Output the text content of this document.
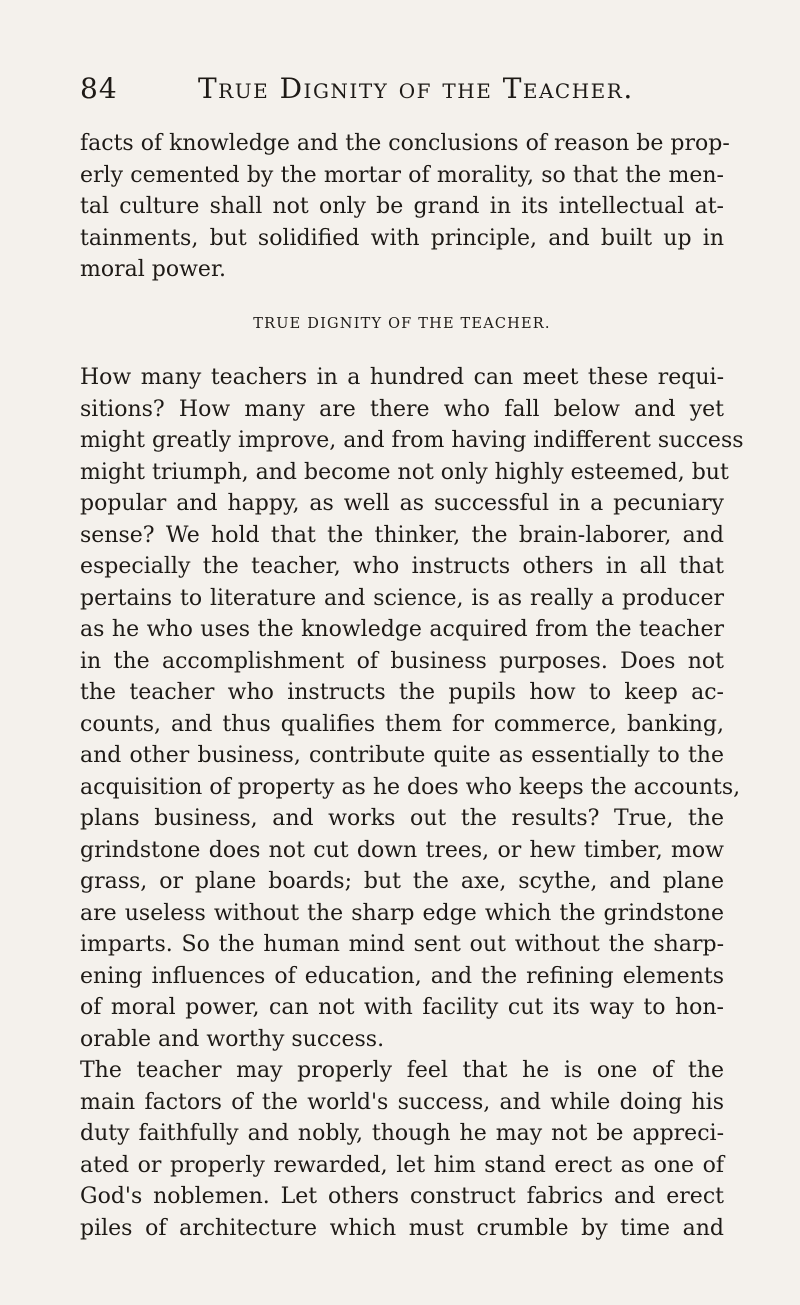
84	True Dignity of the Teacher.
facts of knowledge and the conclusions of reason be prop-
erly cemented by the mortar of morality, so that the men-
tal culture shall not only be grand in its intellectual at-
tainments, but solidified with principle, and built up in
moral power.
TRUE DIGNITY OF THE TEACHER.
How many teachers in a hundred can meet these requi-
sitions? How many are there who fall below and yet
might greatly improve, and from having indifferent success
might triumph, and become not only highly esteemed, but
popular and happy, as well as successful in a pecuniary
sense? We hold that the thinker, the brain-laborer, and
especially the teacher, who instructs others in all that
pertains to literature and science, is as really a producer
as he who uses the knowledge acquired from the teacher
in the accomplishment of business purposes. Does not
the teacher who instructs the pupils how to keep ac-
counts, and thus qualifies them for commerce, banking,
and other business, contribute quite as essentially to the
acquisition of property as he does who keeps the accounts,
plans business, and works out the results? True, the
grindstone does not cut down trees, or hew timber, mow
grass, or plane boards; but the axe, scythe, and plane
are useless without the sharp edge which the grindstone
imparts. So the human mind sent out without the sharp-
ening influences of education, and the refining elements
of moral power, can not with facility cut its way to hon-
orable and worthy success.
The teacher may properly feel that he is one of the
main factors of the world's success, and while doing his
duty faithfully and nobly, though he may not be appreci-
ated or properly rewarded, let him stand erect as one of
God's noblemen. Let others construct fabrics and erect
piles of architecture which must crumble by time and
